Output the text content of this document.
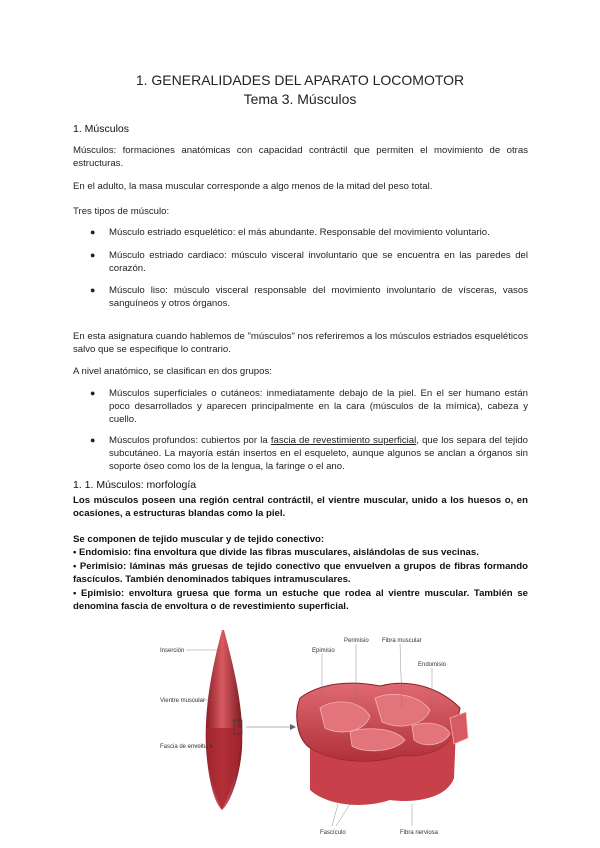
1. GENERALIDADES DEL APARATO LOCOMOTOR
Tema 3. Músculos
1. Músculos
Músculos: formaciones anatómicas con capacidad contráctil que permiten el movimiento de otras estructuras.
En el adulto, la masa muscular corresponde a algo menos de la mitad del peso total.
Tres tipos de músculo:
● Músculo estriado esquelético: el más abundante. Responsable del movimiento voluntario.
● Músculo estriado cardiaco: músculo visceral involuntario que se encuentra en las paredes del corazón.
● Músculo liso: músculo visceral responsable del movimiento involuntario de vísceras, vasos sanguíneos y otros órganos.
En esta asignatura cuando hablemos de "músculos" nos referiremos a los músculos estriados esqueléticos salvo que se especifique lo contrario.
A nivel anatómico, se clasifican en dos grupos:
● Músculos superficiales o cutáneos: inmediatamente debajo de la piel. En el ser humano están poco desarrollados y aparecen principalmente en la cara (músculos de la mímica), cabeza y cuello.
● Músculos profundos: cubiertos por la fascia de revestimiento superficial, que los separa del tejido subcutáneo. La mayoría están insertos en el esqueleto, aunque algunos se anclan a órganos sin soporte óseo como los de la lengua, la faringe o el ano.
1. 1. Músculos: morfología
Los músculos poseen una región central contráctil, el vientre muscular, unido a los huesos o, en ocasiones, a estructuras blandas como la piel.
Se componen de tejido muscular y de tejido conectivo:
• Endomisio: fina envoltura que divide las fibras musculares, aislándolas de sus vecinas.
• Perimisio: láminas más gruesas de tejido conectivo que envuelven a grupos de fibras formando fascículos. También denominados tabiques intramusculares.
• Epimisio: envoltura gruesa que forma un estuche que rodea al vientre muscular. También se denomina fascia de envoltura o de revestimiento superficial.
Inserción
Vientre muscular
Fascia de envoltura
Epimisio
Perimisio Fibra muscular
Endomisio
Fascículo	Fibra nerviosa
